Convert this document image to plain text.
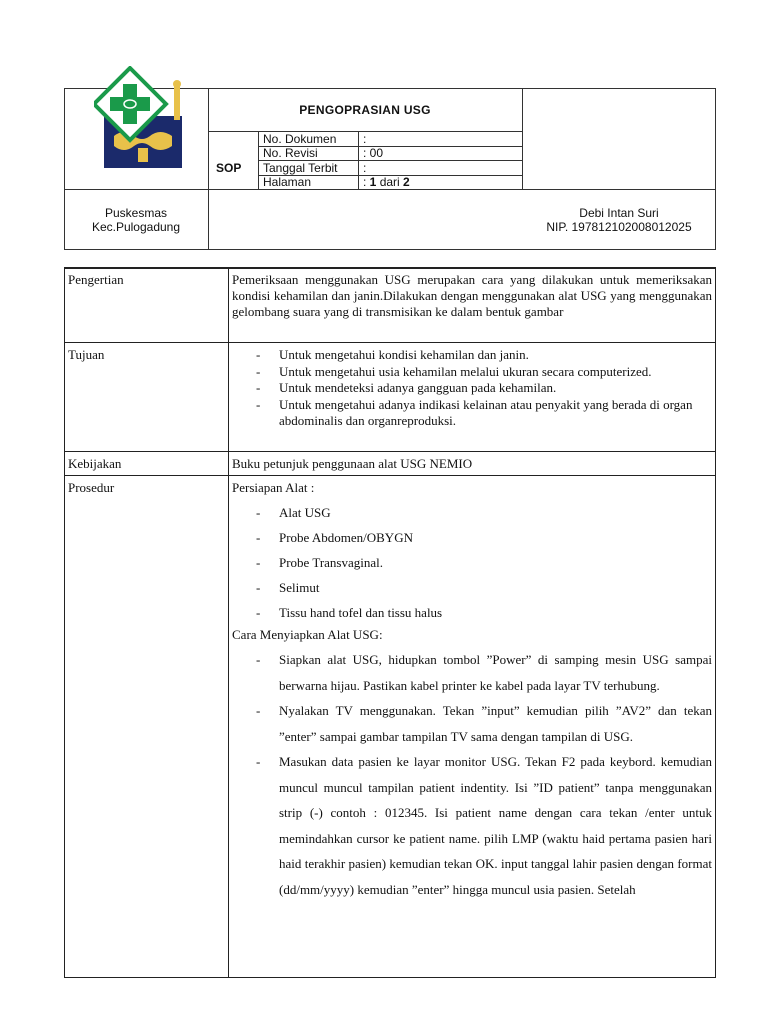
PENGOPRASIAN USG
SOP
No. Dokumen :
No. Revisi	: 00
Tanggal Terbit :
Halaman	: 1 dari 2
Puskesmas
Kec.Pulogadung
Debi Intan Suri
NIP. 197812102008012025
Pengertian	Pemeriksaan menggunakan USG merupakan cara yang dilakukan untuk memeriksakan kondisi kehamilan dan janin.Dilakukan dengan menggunakan alat USG yang menggunakan gelombang suara yang di transmisikan ke dalam bentuk gambar

Tujuan
-	Untuk mengetahui kondisi kehamilan dan janin.
- Untuk mengetahui usia kehamilan melalui ukuran secara computerized.
- Untuk mendeteksi adanya gangguan pada kehamilan.
- Untuk mengetahui adanya indikasi kelainan atau penyakit yang berada di organ abdominalis dan organreproduksi.
Kebijakan	Buku petunjuk penggunaan alat USG NEMIO
Prosedur	Persiapan Alat :
- Alat USG
- Probe Abdomen/OBYGN
- Probe Transvaginal.
- Selimut
- Tissu hand tofel dan tissu halus
Cara Menyiapkan Alat USG:
- Siapkan alat USG, hidupkan tombol ”Power” di samping mesin USG sampai berwarna hijau. Pastikan kabel printer ke kabel pada layar TV terhubung.
- Nyalakan TV menggunakan. Tekan ”input” kemudian pilih ”AV2” dan tekan ”enter” sampai gambar tampilan TV sama dengan tampilan di USG.
- Masukan data pasien ke layar monitor USG. Tekan F2 pada keybord. kemudian muncul muncul tampilan patient indentity. Isi ”ID patient” tanpa menggunakan strip (-) contoh : 012345. Isi patient name dengan cara tekan /enter untuk memindahkan cursor ke patient name. pilih LMP (waktu haid pertama pasien hari haid terakhir pasien) kemudian tekan OK. input tanggal lahir pasien dengan format (dd/mm/yyyy) kemudian ”enter” hingga muncul usia pasien. Setelah
